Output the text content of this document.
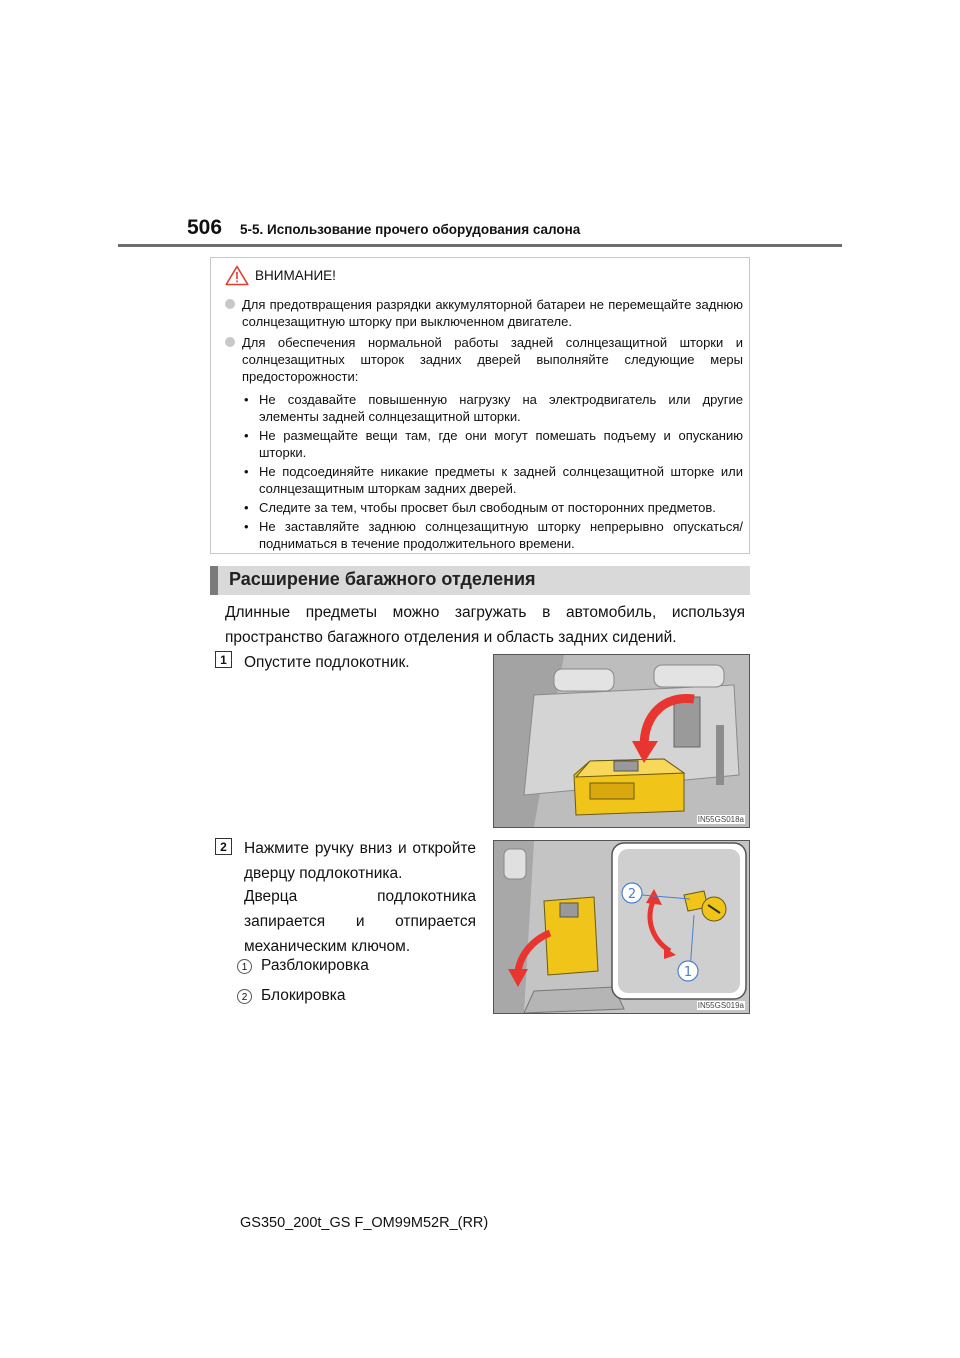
506 5-5. Использование прочего оборудования салона
ВНИМАНИЕ!
Для предотвращения разрядки аккумуляторной батареи не перемещайте заднюю солнцезащитную шторку при выключенном двигателе.
Для обеспечения нормальной работы задней солнцезащитной шторки и солнцезащитных шторок задних дверей выполняйте следующие меры предосторожности:
• Не создавайте повышенную нагрузку на электродвигатель или другие элементы задней солнцезащитной шторки.
• Не размещайте вещи там, где они могут помешать подъему и опусканию шторки.
• Не подсоединяйте никакие предметы к задней солнцезащитной шторке или солнцезащитным шторкам задних дверей.
• Следите за тем, чтобы просвет был свободным от посторонних предметов.
• Не заставляйте заднюю солнцезащитную шторку непрерывно опускаться/подниматься в течение продолжительного времени.
Расширение багажного отделения
Длинные предметы можно загружать в автомобиль, используя пространство багажного отделения и область задних сидений.
1	Опустите подлокотник.
IN55GS018a
2	Нажмите ручку вниз и откройте дверцу подлокотника.
Дверца подлокотника запирается и отпирается механическим ключом.
1 Разблокировка
2 Блокировка
2
1
IN55GS019a
GS350_200t_GS F_OM99M52R_(RR)
